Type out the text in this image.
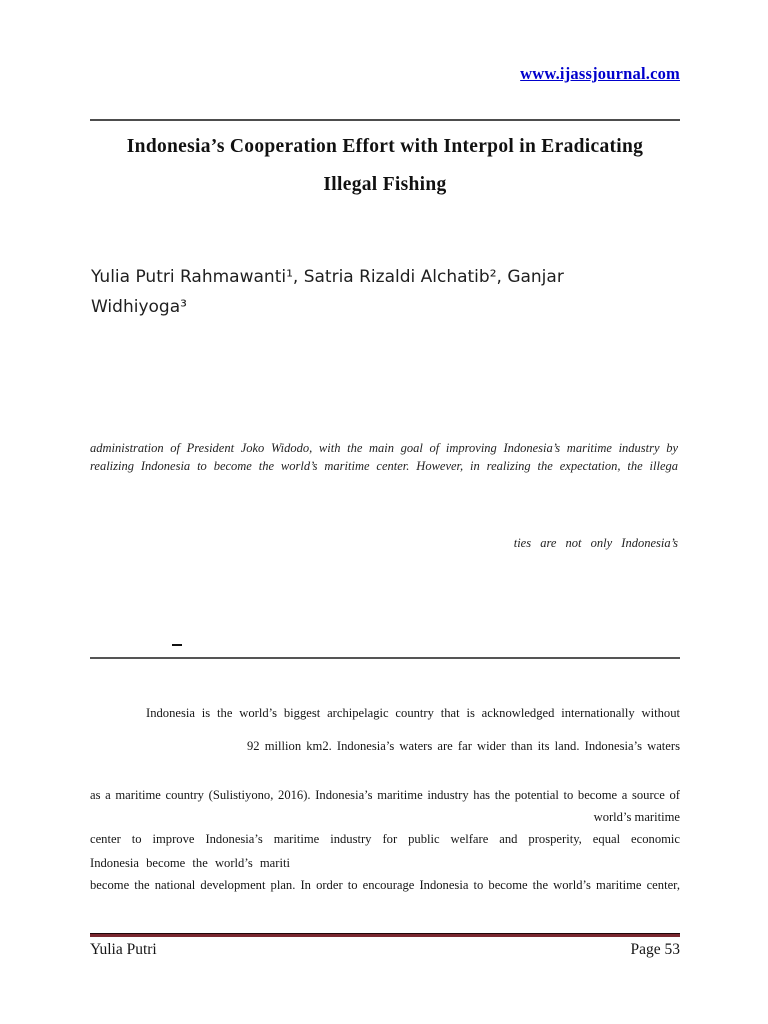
www.ijassjournal.com
Indonesia’s Cooperation Effort with Interpol in Eradicating
Illegal Fishing
Yulia Putri Rahmawanti¹, Satria Rizaldi Alchatib², Ganjar
Widhiyoga³
administration of President Joko Widodo, with the main goal of improving Indonesia’s maritime industry by
realizing Indonesia to become the world’s maritime center. However, in realizing the expectation, the illega
ties are not only Indonesia’s
Indonesia is the world’s biggest archipelagic country that is acknowledged internationally without
92 million km2. Indonesia’s waters are far wider than its land. Indonesia’s waters
as a maritime country (Sulistiyono, 2016). Indonesia’s maritime industry has the potential to become a source of
world’s maritime
center to improve Indonesia’s maritime industry for public welfare and prosperity, equal economic
Indonesia become the world’s mariti
become the national development plan. In order to encourage Indonesia to become the world’s maritime center,
Yulia Putri	Page 53
